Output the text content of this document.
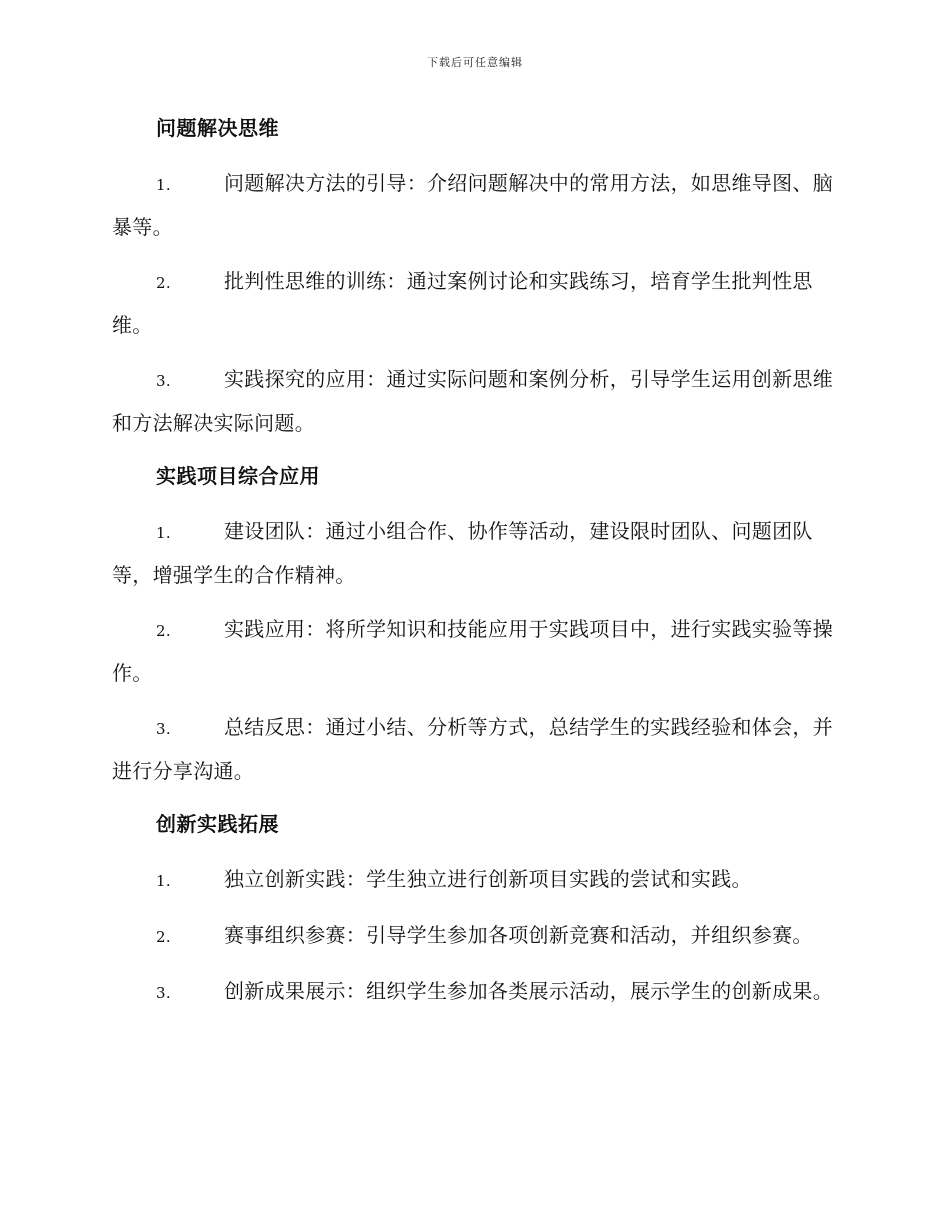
下载后可任意编辑
问题解决思维
1.	问题解决方法的引导：介绍问题解决中的常用方法，如思维导图、脑暴等。
2.	批判性思维的训练：通过案例讨论和实践练习，培育学生批判性思维。
3.	实践探究的应用：通过实际问题和案例分析，引导学生运用创新思维和方法解决实际问题。
实践项目综合应用
1.	建设团队：通过小组合作、协作等活动，建设限时团队、问题团队等，增强学生的合作精神。
2.	实践应用：将所学知识和技能应用于实践项目中，进行实践实验等操作。
3.	总结反思：通过小结、分析等方式，总结学生的实践经验和体会，并进行分享沟通。
创新实践拓展
1.	独立创新实践：学生独立进行创新项目实践的尝试和实践。
2.	赛事组织参赛：引导学生参加各项创新竞赛和活动，并组织参赛。
3.	创新成果展示：组织学生参加各类展示活动，展示学生的创新成果。
